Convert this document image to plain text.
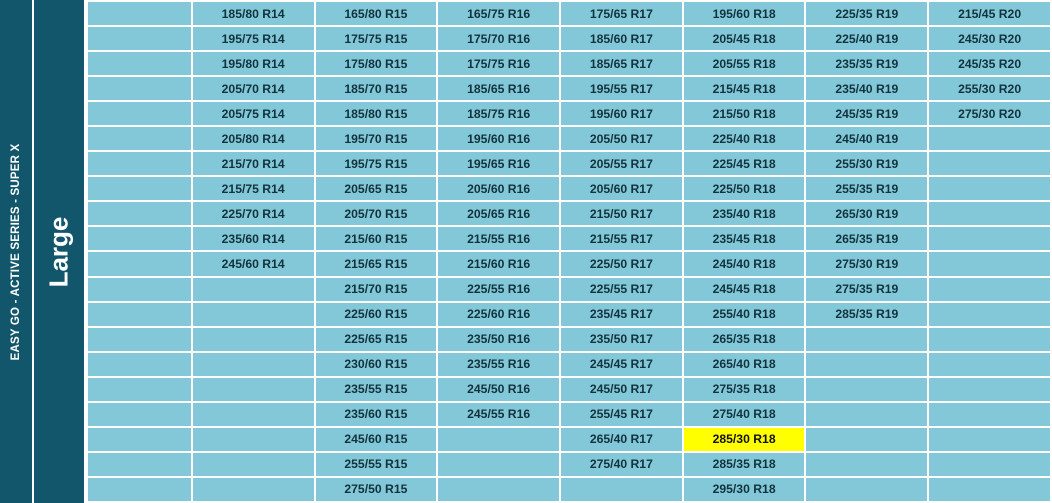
EASY GO - ACTIVE SERIES - SUPER X Large
	185/80 R14	165/80 R15	165/75 R16	175/65 R17	195/60 R18	225/35 R19	215/45 R20
	195/75 R14	175/75 R15	175/70 R16	185/60 R17	205/45 R18	225/40 R19	245/30 R20
	195/80 R14	175/80 R15	175/75 R16	185/65 R17	205/55 R18	235/35 R19	245/35 R20
	205/70 R14	185/70 R15	185/65 R16	195/55 R17	215/45 R18	235/40 R19	255/30 R20
	205/75 R14	185/80 R15	185/75 R16	195/60 R17	215/50 R18	245/35 R19	275/30 R20
	205/80 R14	195/70 R15	195/60 R16	205/50 R17	225/40 R18	245/40 R19	
	215/70 R14	195/75 R15	195/65 R16	205/55 R17	225/45 R18	255/30 R19	
	215/75 R14	205/65 R15	205/60 R16	205/60 R17	225/50 R18	255/35 R19	
	225/70 R14	205/70 R15	205/65 R16	215/50 R17	235/40 R18	265/30 R19	
	235/60 R14	215/60 R15	215/55 R16	215/55 R17	235/45 R18	265/35 R19	
	245/60 R14	215/65 R15	215/60 R16	225/50 R17	245/40 R18	275/30 R19	
		215/70 R15	225/55 R16	225/55 R17	245/45 R18	275/35 R19	
		225/60 R15	225/60 R16	235/45 R17	255/40 R18	285/35 R19	
		225/65 R15	235/50 R16	235/50 R17	265/35 R18		
		230/60 R15	235/55 R16	245/45 R17	265/40 R18		
		235/55 R15	245/50 R16	245/50 R17	275/35 R18		
		235/60 R15	245/55 R16	255/45 R17	275/40 R18		
		245/60 R15		265/40 R17	285/30 R18		
		255/55 R15		275/40 R17	285/35 R18		
		275/50 R15			295/30 R18		
